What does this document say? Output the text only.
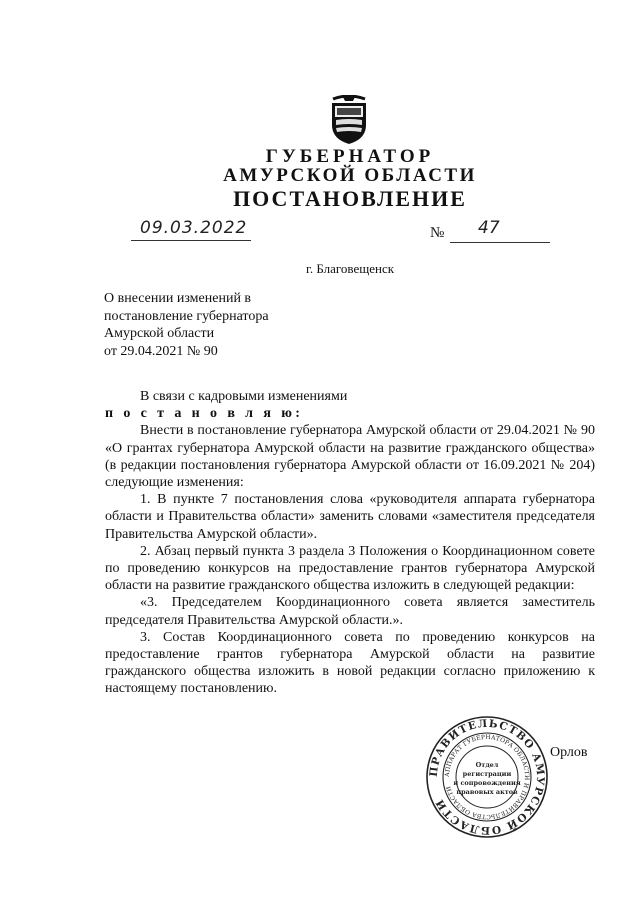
ГУБЕРНАТОР
АМУРСКОЙ ОБЛАСТИ
ПОСТАНОВЛЕНИЕ
09.03.2022	№ 47
г. Благовещенск
О внесении изменений в
постановление губернатора
Амурской области
от 29.04.2021 № 90

В связи с кадровыми изменениями

п о с т а н о в л я ю:

Внести в постановление губернатора Амурской области от 29.04.2021 № 90 «О грантах губернатора Амурской области на развитие гражданского общества» (в редакции постановления губернатора Амурской области от 16.09.2021 № 204) следующие изменения:

1. В пункте 7 постановления слова «руководителя аппарата губернатора области и Правительства области» заменить словами «заместителя председателя Правительства Амурской области».

2. Абзац первый пункта 3 раздела 3 Положения о Координационном совете по проведению конкурсов на предоставление грантов губернатора Амурской области на развитие гражданского общества изложить в следующей редакции:

«3. Председателем Координационного совета является заместитель председателя Правительства Амурской области.».

3. Состав Координационного совета по проведению конкурсов на предоставление грантов губернатора Амурской области на развитие гражданского общества изложить в новой редакции согласно приложению к настоящему постановлению.

ПРАВИТЕЛЬСТВО АМУРСКОЙ ОБЛАСТИ
АППАРАТ ГУБЕРНАТОРА ОБЛАСТИ И ПРАВИТЕЛЬСТВА ОБЛАСТИ
Отдел
регистрации
и сопровождения
правовых актов
Орлов
